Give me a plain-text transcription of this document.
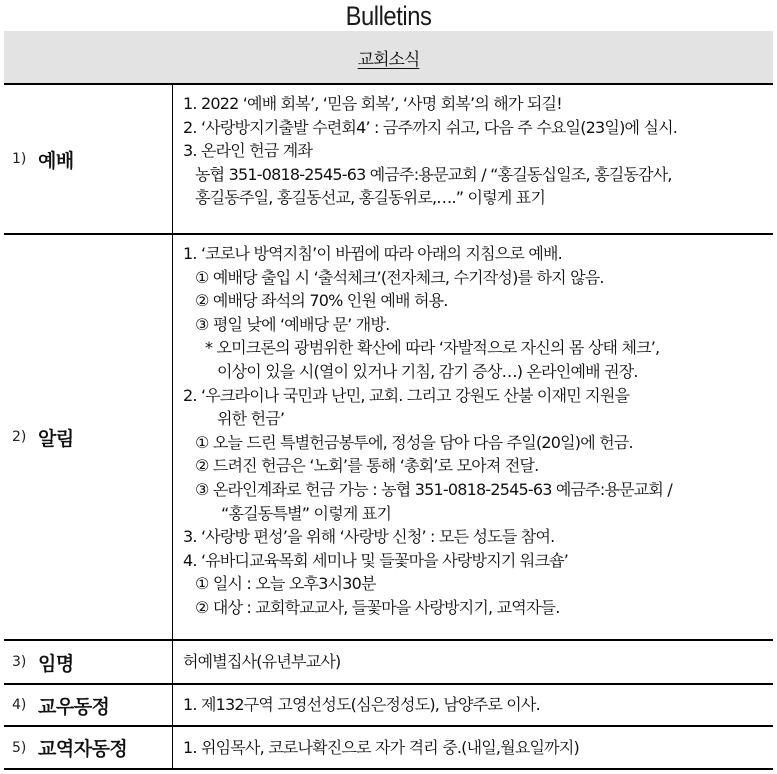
Bulletins
교회소식
1) 예배
1. 2022 ‘예배 회복’, ‘믿음 회복’, ‘사명 회복’의 해가 되길!
2. ‘사랑방지기출발 수련회4’ : 금주까지 쉬고, 다음 주 수요일(23일)에 실시.
3. 온라인 헌금 계좌
농협 351-0818-2545-63 예금주:용문교회 / “홍길동십일조, 홍길동감사,
홍길동주일, 홍길동선교, 홍길동위로,….” 이렇게 표기
2) 알림
1. ‘코로나 방역지침’이 바뀜에 따라 아래의 지침으로 예배.
① 예배당 출입 시 ‘출석체크’(전자체크, 수기작성)를 하지 않음.
② 예배당 좌석의 70% 인원 예배 허용.
③ 평일 낮에 ‘예배당 문’ 개방.
* 오미크론의 광범위한 확산에 따라 ‘자발적으로 자신의 몸 상태 체크’,
이상이 있을 시(열이 있거나 기침, 감기 증상…) 온라인예배 권장.
2. ‘우크라이나 국민과 난민, 교회. 그리고 강원도 산불 이재민 지원을
위한 헌금’
① 오늘 드린 특별헌금봉투에, 정성을 담아 다음 주일(20일)에 헌금.
② 드려진 헌금은 ‘노회’를 통해 ‘총회’로 모아져 전달.
③ 온라인계좌로 헌금 가능 : 농협 351-0818-2545-63 예금주:용문교회 /
“홍길동특별” 이렇게 표기
3. ‘사랑방 편성’을 위해 ‘사랑방 신청’ : 모든 성도들 참여.
4. ‘유바디교육목회 세미나 및 들꽃마을 사랑방지기 워크숍’
① 일시 : 오늘 오후3시30분
② 대상 : 교회학교교사, 들꽃마을 사랑방지기, 교역자들.
3) 임명	허예별집사(유년부교사)
4) 교우동정	1. 제132구역 고영선성도(심은정성도), 남양주로 이사.
5) 교역자동정	1. 위임목사, 코로나확진으로 자가 격리 중.(내일,월요일까지)
